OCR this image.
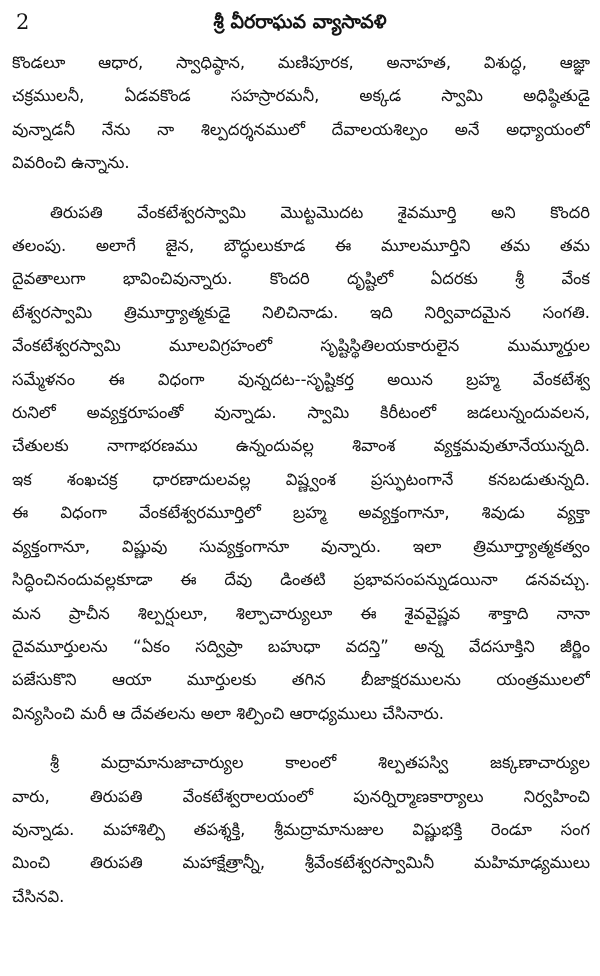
2	శ్రీ వీరరాఘవ వ్యాసావళి
కొండలూ ఆధార, స్వాధిష్ఠాన, మణిపూరక, అనాహత, విశుద్ధ, ఆజ్ఞా
చక్రములనీ, ఏడవకొండ సహస్రారమనీ, అక్కడ స్వామి అధిష్ఠితుడై
వున్నాడనీ నేను నా శిల్పదర్శనములో దేవాలయశిల్పం అనే అధ్యాయంలో
వివరించి ఉన్నాను.
తిరుపతి వేంకటేశ్వరస్వామి మొట్టమొదట శైవమూర్తి అని కొందరి
తలంపు. అలాగే జైన, బౌద్ధులుకూడ ఈ మూలమూర్తిని తమ తమ
దైవతాలుగా భావించివున్నారు. కొందరి దృష్టిలో ఏదరకు శ్రీ వేంక
టేశ్వరస్వామి త్రిమూర్త్యాత్మకుడై నిలిచినాడు. ఇది నిర్వివాదమైన సంగతి.
వేంకటేశ్వరస్వామి మూలవిగ్రహంలో సృష్టిస్థితిలయకారులైన ముమ్మూర్తుల
సమ్మేళనం ఈ విధంగా వున్నదట--సృష్టికర్త అయిన బ్రహ్మ వేంకటేశ్వ
రునిలో అవ్యక్తరూపంతో వున్నాడు. స్వామి కిరీటంలో జడలున్నందువలన,
చేతులకు నాగాభరణము ఉన్నందువల్ల శివాంశ వ్యక్తమవుతూనేయున్నది.
ఇక శంఖచక్ర ధారణాదులవల్ల విష్ణ్వంశ ప్రస్ఫుటంగానే కనబడుతున్నది.
ఈ విధంగా వేంకటేశ్వరమూర్తిలో బ్రహ్మ అవ్యక్తంగానూ, శివుడు వ్యక్తా
వ్యక్తంగానూ, విష్ణువు సువ్యక్తంగానూ వున్నారు. ఇలా త్రిమూర్త్యాత్మకత్వం
సిద్ధించినందువల్లకూడా ఈ దేవు డింతటి ప్రభావసంపన్నుడయినా డనవచ్చు.
మన ప్రాచీన శిల్పర్షులూ, శిల్పాచార్యులూ ఈ శైవవైష్ణవ శాక్తాది నానా
దైవమూర్తులను “ఏకం సద్విప్రా బహుధా వదన్తి” అన్న వేదసూక్తిని జీర్ణిం
పజేసుకొని ఆయా మూర్తులకు తగిన బీజాక్షరములను యంత్రములలో
విన్యసించి మరీ ఆ దేవతలను అలా శిల్పించి ఆరాధ్యములు చేసినారు.
శ్రీ మద్రామానుజాచార్యుల కాలంలో శిల్పతపస్వి జక్కణాచార్యుల
వారు, తిరుపతి వేంకటేశ్వరాలయంలో పునర్నిర్మాణకార్యాలు నిర్వహించి
వున్నాడు. మహాశిల్పి తపశ్శక్తి, శ్రీమద్రామానుజుల విష్ణుభక్తి రెండూ సంగ
మించి తిరుపతి మహాక్షేత్రాన్నీ, శ్రీవేంకటేశ్వరస్వామినీ మహిమాఢ్యములు
చేసినవి.
